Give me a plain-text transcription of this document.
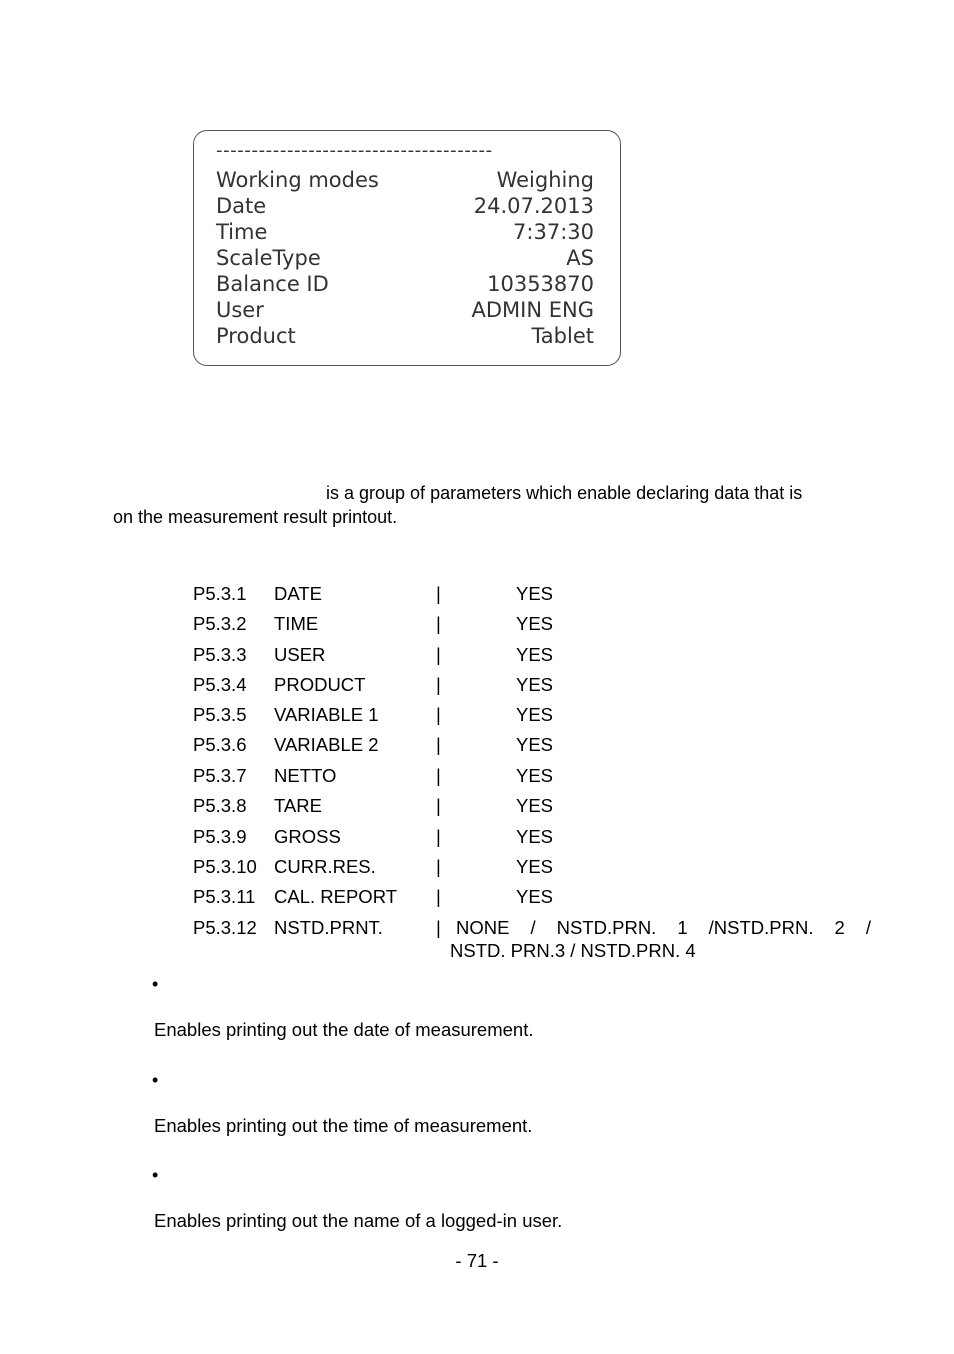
---------------------------------------
Working modes	Weighing
Date	24.07.2013
Time	7:37:30
ScaleType	AS
Balance ID	10353870
User	ADMIN ENG
Product	Tablet
is a group of parameters which enable declaring data that is
on the measurement result printout.
P5.3.1 DATE	|	YES
P5.3.2 TIME	|	YES
P5.3.3 USER	|	YES
P5.3.4 PRODUCT	|	YES
P5.3.5 VARIABLE 1	|	YES
P5.3.6 VARIABLE 2	|	YES
P5.3.7 NETTO	|	YES
P5.3.8 TARE	|	YES
P5.3.9 GROSS	|	YES
P5.3.10 CURR.RES.	|	YES
P5.3.11 CAL. REPORT |	YES
P5.3.12 NSTD.PRNT.	| NONE / NSTD.PRN. 1 /NSTD.PRN. 2 /
NSTD. PRN.3 / NSTD.PRN. 4
•
Enables printing out the date of measurement.
•
Enables printing out the time of measurement.
•
Enables printing out the name of a logged-in user.
- 71 -
